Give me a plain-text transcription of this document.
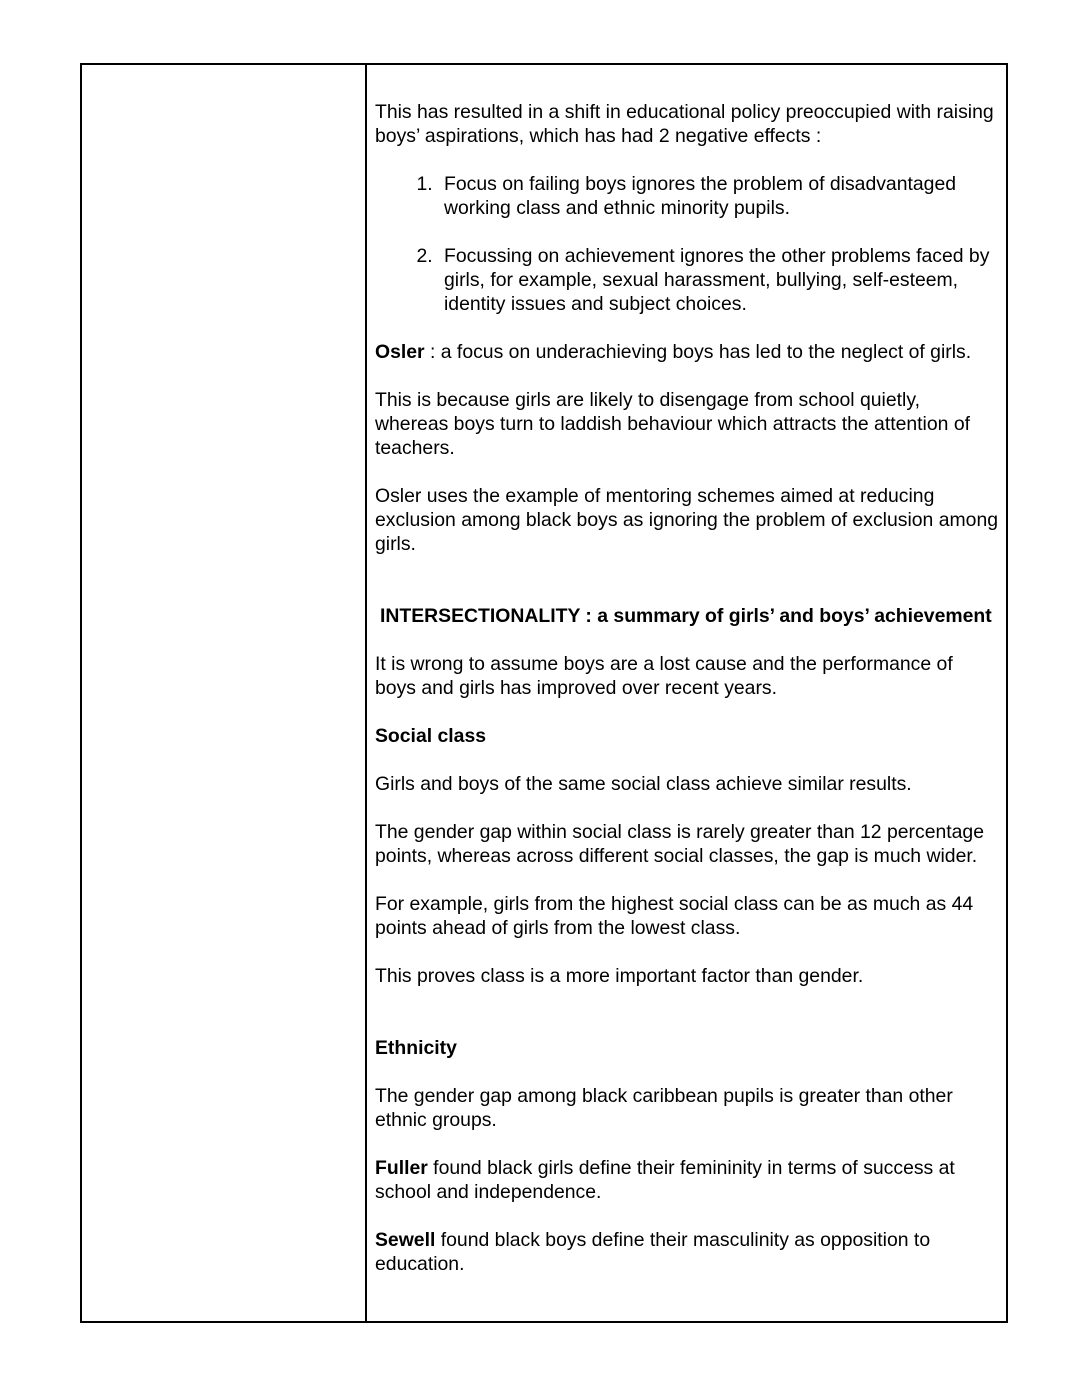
This has resulted in a shift in educational policy preoccupied with raising boys’ aspirations, which has had 2 negative effects :

1. Focus on failing boys ignores the problem of disadvantaged working class and ethnic minority pupils.
2. Focussing on achievement ignores the other problems faced by girls, for example, sexual harassment, bullying, self-esteem, identity issues and subject choices.

Osler : a focus on underachieving boys has led to the neglect of girls.

This is because girls are likely to disengage from school quietly, whereas boys turn to laddish behaviour which attracts the attention of teachers.

Osler uses the example of mentoring schemes aimed at reducing exclusion among black boys as ignoring the problem of exclusion among girls.

INTERSECTIONALITY : a summary of girls’ and boys’ achievement

It is wrong to assume boys are a lost cause and the performance of boys and girls has improved over recent years.

Social class

Girls and boys of the same social class achieve similar results.

The gender gap within social class is rarely greater than 12 percentage points, whereas across different social classes, the gap is much wider.

For example, girls from the highest social class can be as much as 44 points ahead of girls from the lowest class.

This proves class is a more important factor than gender.

Ethnicity

The gender gap among black caribbean pupils is greater than other ethnic groups.

Fuller found black girls define their femininity in terms of success at school and independence.

Sewell found black boys define their masculinity as opposition to education.
